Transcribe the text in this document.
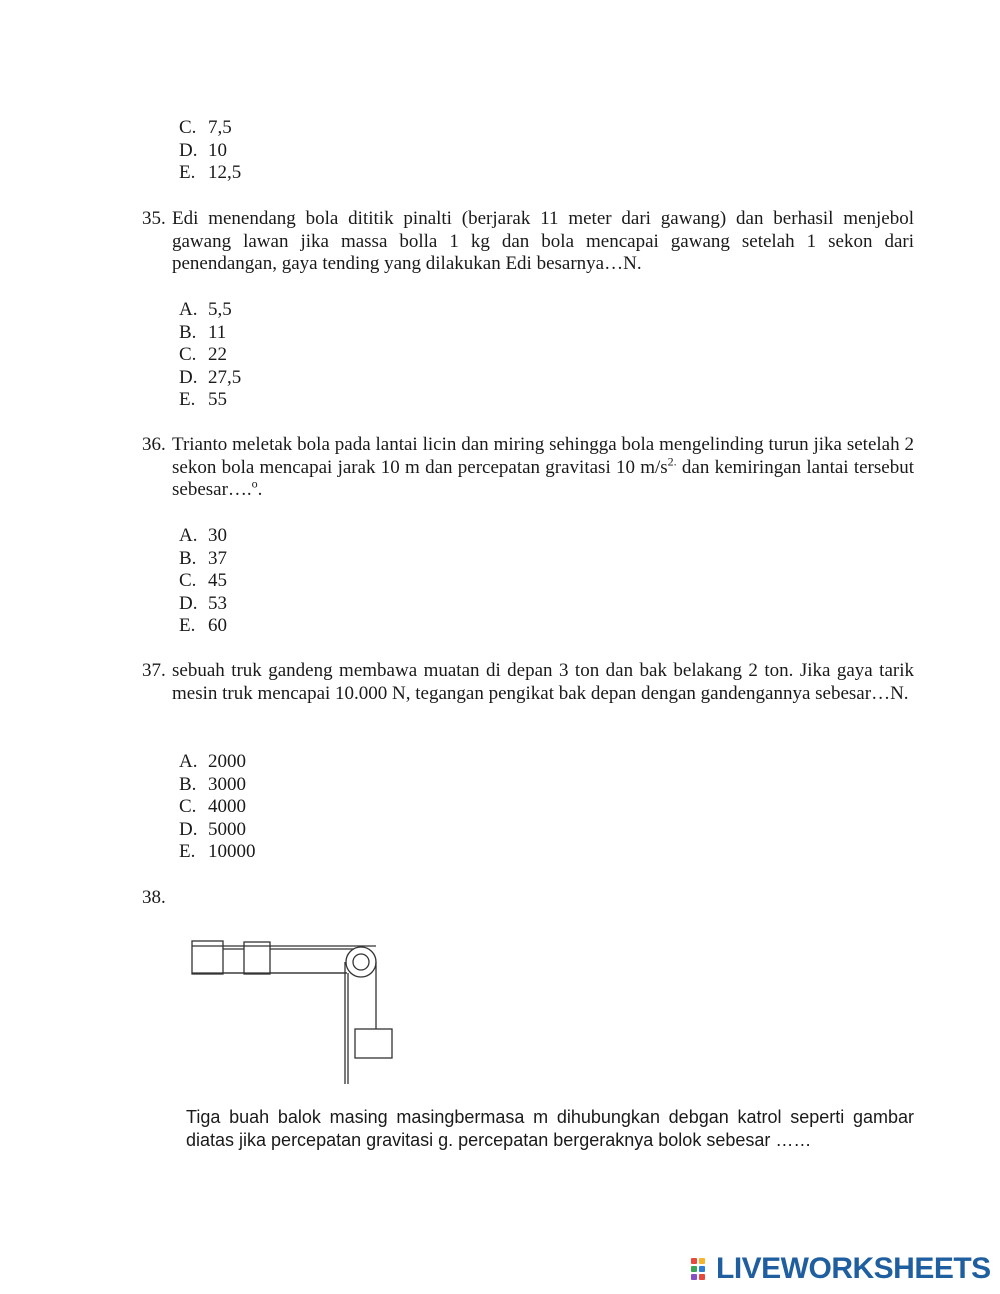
C. 7,5
D. 10
E. 12,5
35. Edi menendang bola dititik pinalti (berjarak 11 meter dari gawang) dan berhasil menjebol gawang lawan jika massa bolla 1 kg dan bola mencapai gawang setelah 1 sekon dari penendangan, gaya tending yang dilakukan Edi besarnya…N.
A. 5,5
B. 11
C. 22
D. 27,5
E. 55
36. Trianto meletak bola pada lantai licin dan miring sehingga bola mengelinding turun jika setelah 2 sekon bola mencapai jarak 10 m dan percepatan gravitasi 10 $m/s^{2.}$ dan kemiringan lantai tersebut sebesar….$^o$.
A. 30
B. 37
C. 45
D. 53
E. 60
37. sebuah truk gandeng membawa muatan di depan 3 ton dan bak belakang 2 ton. Jika gaya tarik mesin truk mencapai 10.000 N, tegangan pengikat bak depan dengan gandengannya sebesar…N.
A. 2000
B. 3000
C. 4000
D. 5000
E. 10000
38.
Tiga buah balok masing masingbermasa m dihubungkan debgan katrol seperti gambar diatas jika percepatan gravitasi g. percepatan bergeraknya bolok sebesar ……
LIVEWORKSHEETS
